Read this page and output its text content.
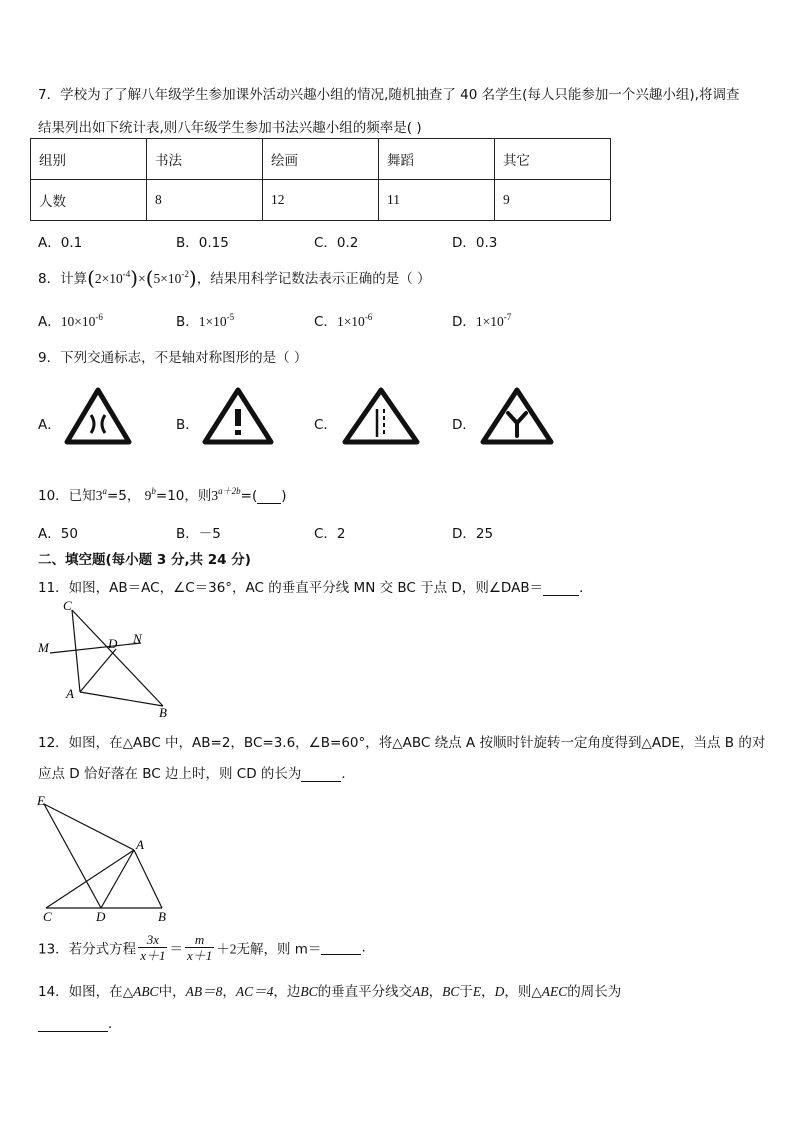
7．学校为了了解八年级学生参加课外活动兴趣小组的情况,随机抽查了 40 名学生(每人只能参加一个兴趣小组),将调查
结果列出如下统计表,则八年级学生参加书法兴趣小组的频率是( )
组别	书法	绘画	舞蹈	其它
人数	8	12	11	9
A．0.1	B．0.15	C．0.2	D．0.3
8．计算$(2\times 10^{-4})\times(5\times 10^{-2})$，结果用科学记数法表示正确的是（ ）
A．$10\times 10^{-6}$	B．$1\times 10^{-5}$	C．$1\times 10^{-6}$	D．$1\times 10^{-7}$
9．下列交通标志，不是轴对称图形的是（ ）
A．	B．	C．	D．
10．已知$3^a=5$， $9^b=10$，则$3^{a+2b}=$( )
A．50	B．－5	C．2	D．25
二、填空题(每小题 3 分,共 24 分)
11．如图，AB＝AC，∠C＝36°，AC 的垂直平分线 MN 交 BC 于点 D，则∠DAB＝	．
C
M	D N
A
B
12．如图，在△ABC 中，AB=2，BC=3.6，∠B=60°，将△ABC 绕点 A 按顺时针旋转一定角度得到△ADE，当点 B 的对
应点 D 恰好落在 BC 边上时，则 CD 的长为	．
E
A
C	D	B
13．若分式方程 $\frac{3x}{x+1} = \frac{m}{x+1} +2$无解，则 m＝	.
14．如图，在△ABC中，AB＝8，AC＝4，边BC的垂直平分线交AB，BC于E，D，则△AEC的周长为
．
